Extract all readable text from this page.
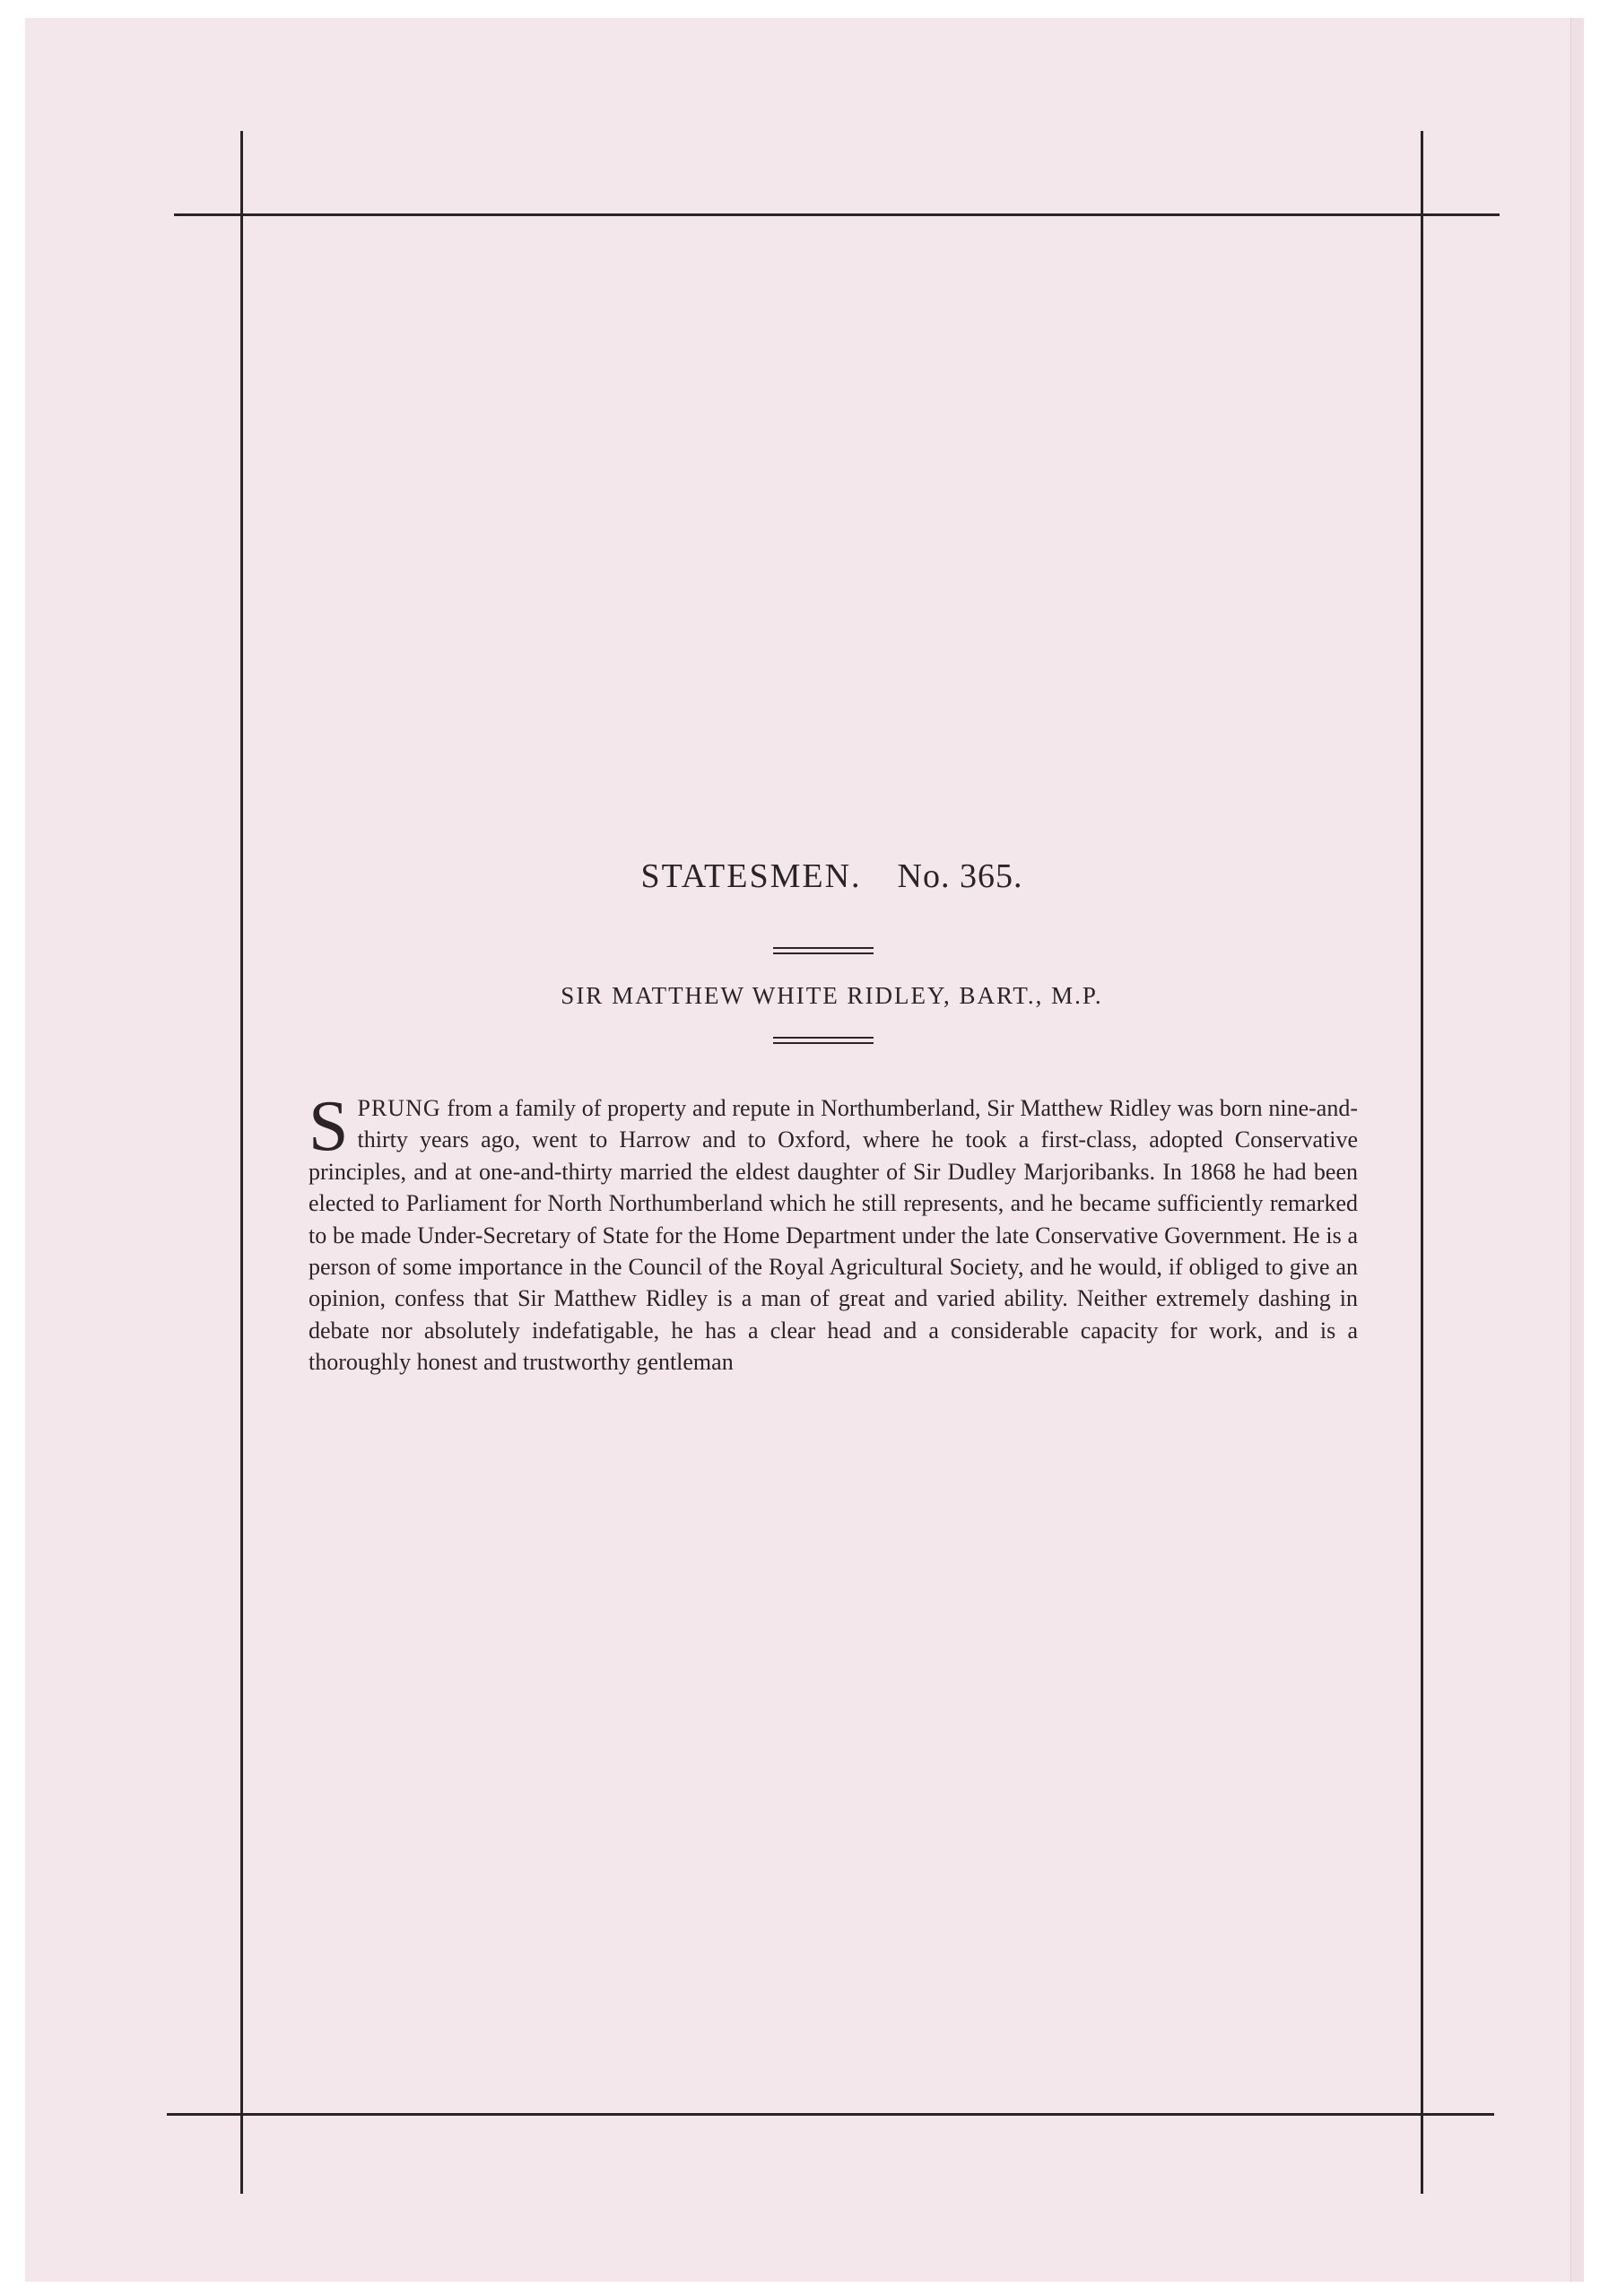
STATESMEN. No. 365.
SIR MATTHEW WHITE RIDLEY, BART., M.P.
SPRUNG from a family of property and repute in Northumberland, Sir Matthew Ridley was born nine-and-thirty years ago, went to Harrow and to Oxford, where he took a first-class, adopted Conservative principles, and at one-and-thirty married the eldest daughter of Sir Dudley Marjoribanks. In 1868 he had been elected to Parliament for North Northumberland which he still represents, and he became sufficiently remarked to be made Under-Secretary of State for the Home Department under the late Conservative Government. He is a person of some importance in the Council of the Royal Agricultural Society, and he would, if obliged to give an opinion, confess that Sir Matthew Ridley is a man of great and varied ability. Neither extremely dashing in debate nor absolutely indefatigable, he has a clear head and a considerable capacity for work, and is a thoroughly honest and trustworthy gentleman
